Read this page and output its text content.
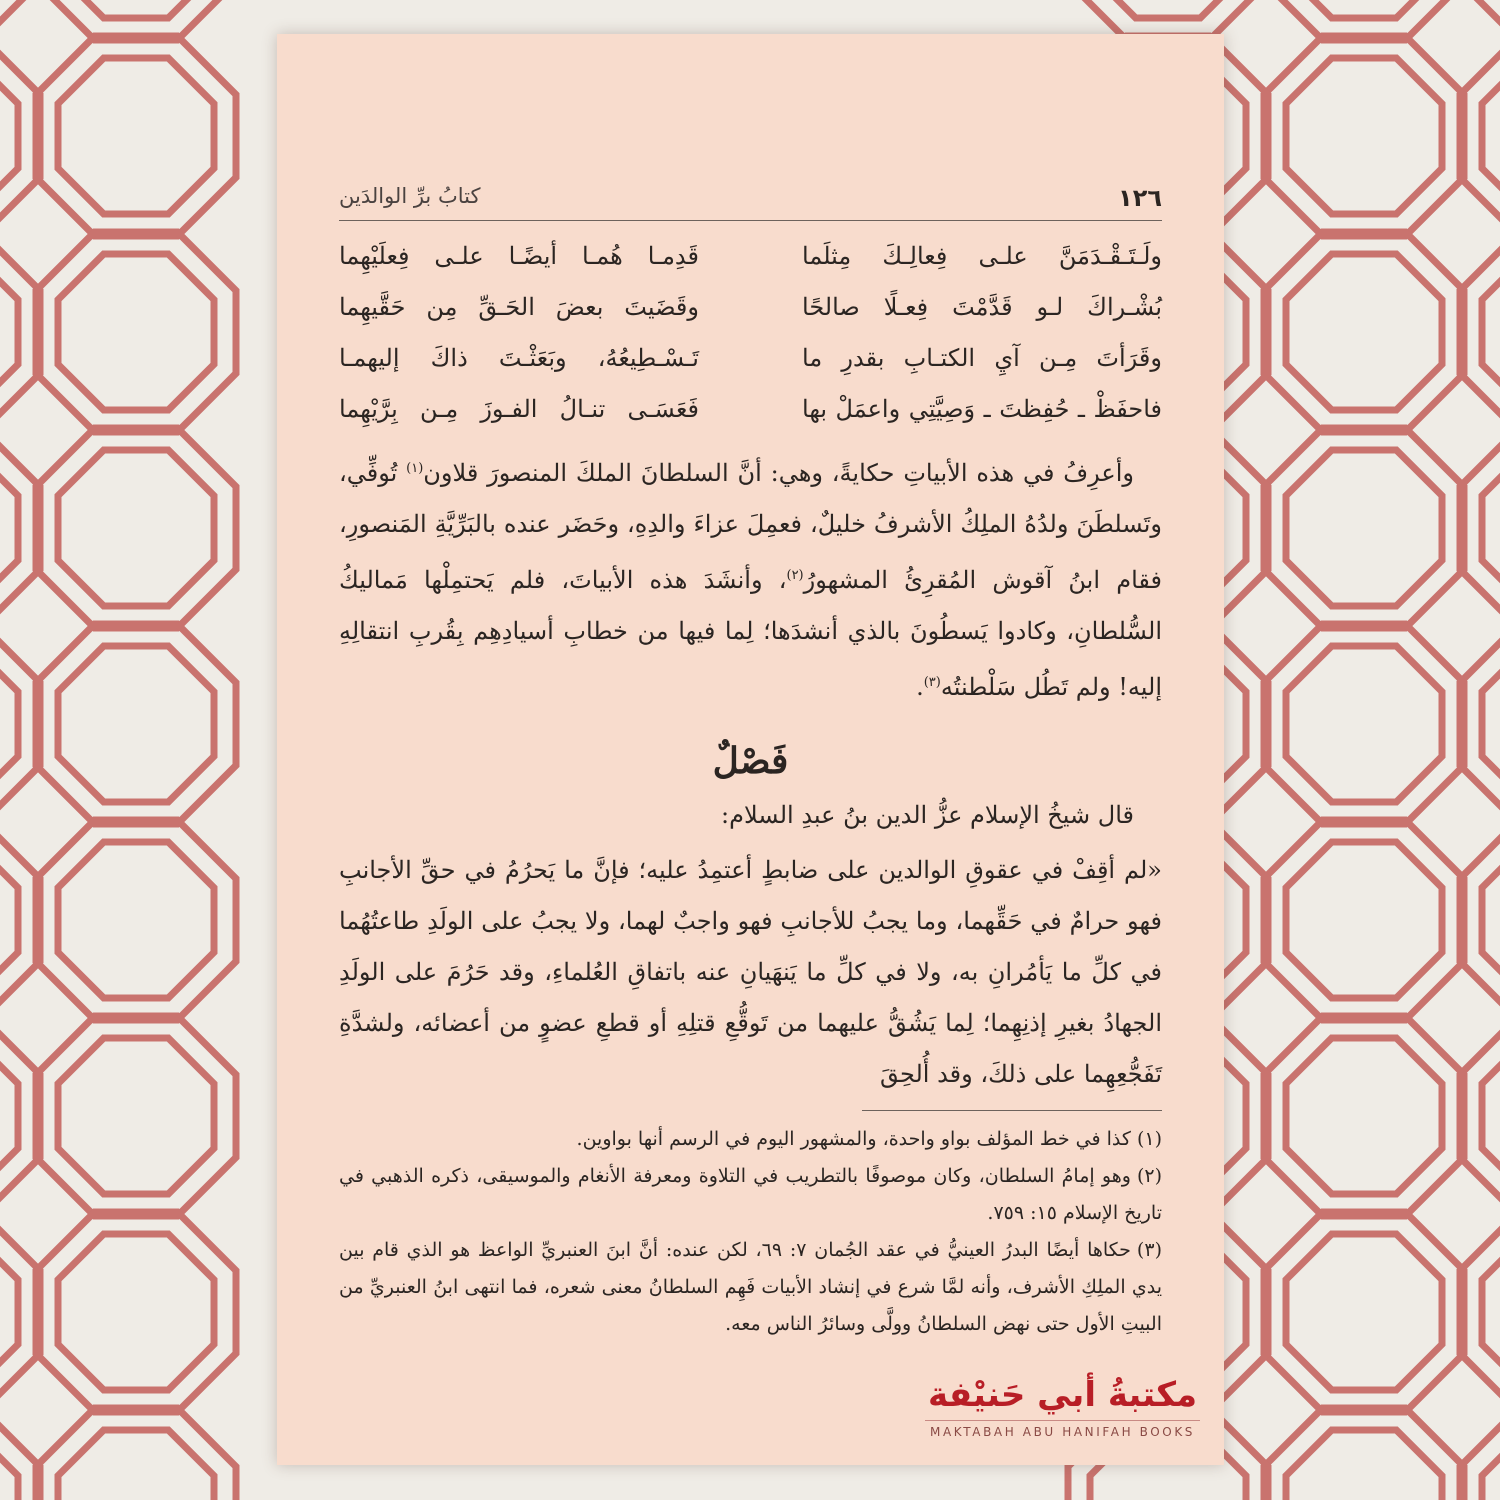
١٢٦
كتابُ برِّ الوالدَين
ولَـتَـقْـدَمَنَّ علـى فِعالِـكَ مِثلَما
قَدِمـا هُمـا أيضًـا علـى فِعلَيْهِما
بُشْـراكَ لـو قَدَّمْتَ فِعـلًا صالحًا
وقَضَيتَ بعضَ الحَـقِّ مِن حَقَّيهِما
وقَرَأتَ مِـن آيِ الكتـابِ بقدرِ ما
تَـسْـطِيعُهُ، وبَعَثْـتَ ذاكَ إليهمـا
فاحفَظْ ـ حُفِظتَ ـ وَصِيَّتِي واعمَلْ بها
فَعَسَـى تنـالُ الفـوزَ مِـن بِرَّيْهِما

وأعرِفُ في هذه الأبياتِ حكايةً، وهي: أنَّ السلطانَ الملكَ المنصورَ قلاون$^{(١)}$ تُوفِّي، وتَسلطَنَ ولدُهُ الملِكُ الأشرفُ خليلٌ، فعمِلَ عزاءَ والدِهِ، وحَضَر عنده بالبَرِّيَّةِ المَنصورِ، فقام ابنُ آقوش المُقرِئُ المشهورُ$^{(٢)}$، وأنشَدَ هذه الأبياتَ، فلم يَحتمِلْها مَماليكُ السُّلطانِ، وكادوا يَسطُونَ بالذي أنشدَها؛ لِما فيها من خطابِ أسيادِهِم بِقُربِ انتقالِهِ إليه! ولم تَطُل سَلْطنتُه$^{(٣)}$.

فَصْلٌ

قال شيخُ الإسلام عزُّ الدين بنُ عبدِ السلام:

«لم أقِفْ في عقوقِ الوالدين على ضابطٍ أعتمِدُ عليه؛ فإنَّ ما يَحرُمُ في حقِّ الأجانبِ فهو حرامٌ في حَقِّهما، وما يجبُ للأجانبِ فهو واجبٌ لهما، ولا يجبُ على الولَدِ طاعتُهُما في كلِّ ما يَأمُرانِ به، ولا في كلِّ ما يَنهَيانِ عنه باتفاقِ العُلماءِ، وقد حَرُمَ على الولَدِ الجهادُ بغيرِ إذنِهِما؛ لِما يَشُقُّ عليهما من تَوقُّعِ قتلِهِ أو قطعِ عضوٍ من أعضائه، ولشدَّةِ تَفَجُّعِهِما على ذلكَ، وقد أُلحِقَ

(١)كذا في خط المؤلف بواو واحدة، والمشهور اليوم في الرسم أنها بواوين.

(٢)وهو إمامُ السلطان، وكان موصوفًا بالتطريب في التلاوة ومعرفة الأنغام والموسيقى، ذكره الذهبي في تاريخ الإسلام ١٥: ٧٥٩.

(٣)حكاها أيضًا البدرُ العينيُّ في عقد الجُمان ٧: ٦٩، لكن عنده: أنَّ ابنَ العنبريِّ الواعظ هو الذي قام بين يدي الملِكِ الأشرف، وأنه لمَّا شرع في إنشاد الأبيات فَهِم السلطانُ معنى شعره، فما انتهى ابنُ العنبريِّ من البيتِ الأول حتى نهض السلطانُ وولَّى وسائرُ الناس معه.

مكتبةُ أبي حَنيْفة
MAKTABAH ABU HANIFAH BOOKS
